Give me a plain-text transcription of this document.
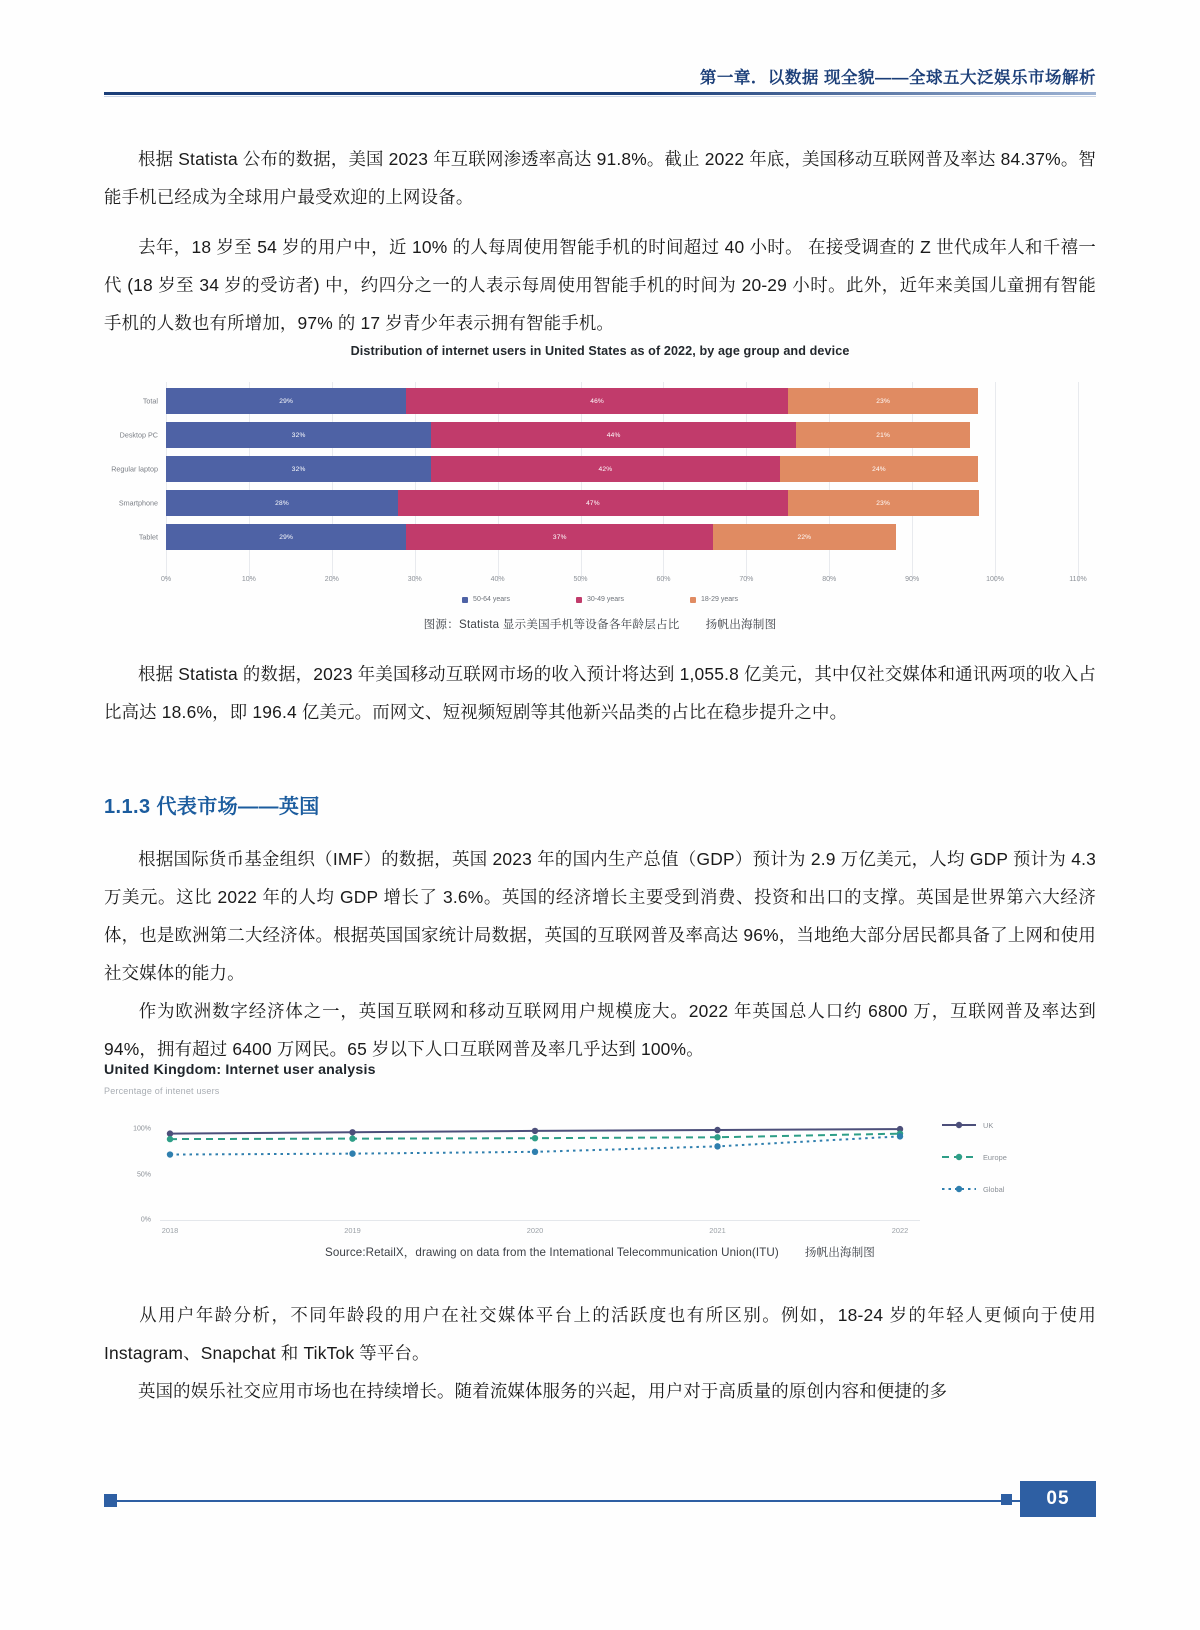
第一章．以数据 现全貌——全球五大泛娱乐市场解析
根据 Statista 公布的数据，美国 2023 年互联网渗透率高达 91.8%。截止 2022 年底，美国移动互联网普及率达 84.37%。智能手机已经成为全球用户最受欢迎的上网设备。
去年，18 岁至 54 岁的用户中，近 10% 的人每周使用智能手机的时间超过 40 小时。 在接受调查的 Z 世代成年人和千禧一代 (18 岁至 34 岁的受访者) 中，约四分之一的人表示每周使用智能手机的时间为 20-29 小时。此外，近年来美国儿童拥有智能手机的人数也有所增加，97% 的 17 岁青少年表示拥有智能手机。
Distribution of internet users in United States as of 2022, by age group and device
Total	29%	46%	23%
Desktop PC	32%	44%	21%
Regular laptop	32%	42%	24%
Smartphone	28%	47%	23%
Tablet	29%	37%	22%
0%	10%	20%	30%	40%	50%	60%	70%	80%	90%	100%	110%
50-64 years	30-49 years	18-29 years
图源：Statista 显示美国手机等设备各年龄层占比 扬帆出海制图
根据 Statista 的数据，2023 年美国移动互联网市场的收入预计将达到 1,055.8 亿美元，其中仅社交媒体和通讯两项的收入占比高达 18.6%，即 196.4 亿美元。而网文、短视频短剧等其他新兴品类的占比在稳步提升之中。
1.1.3 代表市场——英国
根据国际货币基金组织（IMF）的数据，英国 2023 年的国内生产总值（GDP）预计为 2.9 万亿美元，人均 GDP 预计为 4.3 万美元。这比 2022 年的人均 GDP 增长了 3.6%。英国的经济增长主要受到消费、投资和出口的支撑。英国是世界第六大经济体，也是欧洲第二大经济体。根据英国国家统计局数据，英国的互联网普及率高达 96%，当地绝大部分居民都具备了上网和使用社交媒体的能力。
作为欧洲数字经济体之一，英国互联网和移动互联网用户规模庞大。2022 年英国总人口约 6800 万，互联网普及率达到 94%，拥有超过 6400 万网民。65 岁以下人口互联网普及率几乎达到 100%。
United Kingdom: Internet user analysis
Percentage of intenet users
100%
50%
0%
2018	2019	2020	2021	2022
UK
Europe
Global
Source:RetailX，drawing on data from the Intemational Telecommunication Union(ITU) 扬帆出海制图
从用户年龄分析，不同年龄段的用户在社交媒体平台上的活跃度也有所区别。例如，18-24 岁的年轻人更倾向于使用 Instagram、Snapchat 和 TikTok 等平台。
英国的娱乐社交应用市场也在持续增长。随着流媒体服务的兴起，用户对于高质量的原创内容和便捷的多
05
